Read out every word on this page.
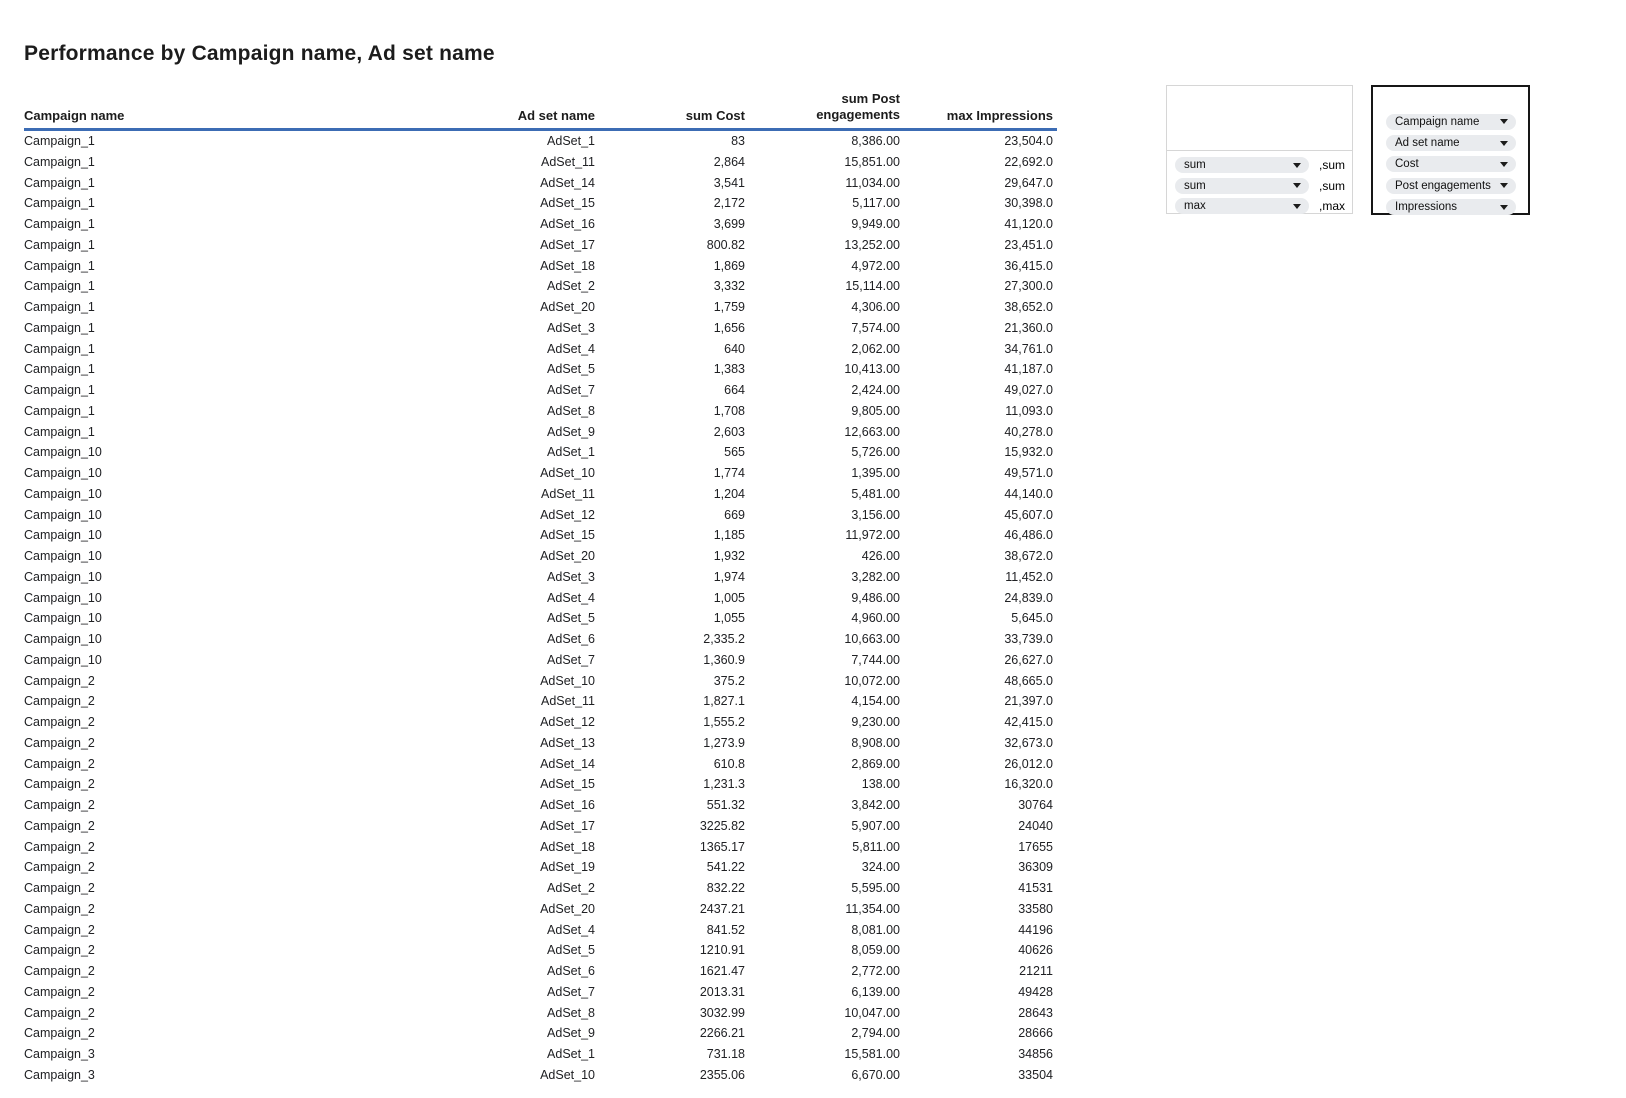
Performance by Campaign name, Ad set name
Campaign name	Ad set name	sum Cost	sum Post engagements	max Impressions
Campaign_1	AdSet_1	83	8,386.00	23,504.0
Campaign_1	AdSet_11	2,864	15,851.00	22,692.0
Campaign_1	AdSet_14	3,541	11,034.00	29,647.0
Campaign_1	AdSet_15	2,172	5,117.00	30,398.0
Campaign_1	AdSet_16	3,699	9,949.00	41,120.0
Campaign_1	AdSet_17	800.82	13,252.00	23,451.0
Campaign_1	AdSet_18	1,869	4,972.00	36,415.0
Campaign_1	AdSet_2	3,332	15,114.00	27,300.0
Campaign_1	AdSet_20	1,759	4,306.00	38,652.0
Campaign_1	AdSet_3	1,656	7,574.00	21,360.0
Campaign_1	AdSet_4	640	2,062.00	34,761.0
Campaign_1	AdSet_5	1,383	10,413.00	41,187.0
Campaign_1	AdSet_7	664	2,424.00	49,027.0
Campaign_1	AdSet_8	1,708	9,805.00	11,093.0
Campaign_1	AdSet_9	2,603	12,663.00	40,278.0
Campaign_10	AdSet_1	565	5,726.00	15,932.0
Campaign_10	AdSet_10	1,774	1,395.00	49,571.0
Campaign_10	AdSet_11	1,204	5,481.00	44,140.0
Campaign_10	AdSet_12	669	3,156.00	45,607.0
Campaign_10	AdSet_15	1,185	11,972.00	46,486.0
Campaign_10	AdSet_20	1,932	426.00	38,672.0
Campaign_10	AdSet_3	1,974	3,282.00	11,452.0
Campaign_10	AdSet_4	1,005	9,486.00	24,839.0
Campaign_10	AdSet_5	1,055	4,960.00	5,645.0
Campaign_10	AdSet_6	2,335.2	10,663.00	33,739.0
Campaign_10	AdSet_7	1,360.9	7,744.00	26,627.0
Campaign_2	AdSet_10	375.2	10,072.00	48,665.0
Campaign_2	AdSet_11	1,827.1	4,154.00	21,397.0
Campaign_2	AdSet_12	1,555.2	9,230.00	42,415.0
Campaign_2	AdSet_13	1,273.9	8,908.00	32,673.0
Campaign_2	AdSet_14	610.8	2,869.00	26,012.0
Campaign_2	AdSet_15	1,231.3	138.00	16,320.0
Campaign_2	AdSet_16	551.32	3,842.00	30764
Campaign_2	AdSet_17	3225.82	5,907.00	24040
Campaign_2	AdSet_18	1365.17	5,811.00	17655
Campaign_2	AdSet_19	541.22	324.00	36309
Campaign_2	AdSet_2	832.22	5,595.00	41531
Campaign_2	AdSet_20	2437.21	11,354.00	33580
Campaign_2	AdSet_4	841.52	8,081.00	44196
Campaign_2	AdSet_5	1210.91	8,059.00	40626
Campaign_2	AdSet_6	1621.47	2,772.00	21211
Campaign_2	AdSet_7	2013.31	6,139.00	49428
Campaign_2	AdSet_8	3032.99	10,047.00	28643
Campaign_2	AdSet_9	2266.21	2,794.00	28666
Campaign_3	AdSet_1	731.18	15,581.00	34856
Campaign_3	AdSet_10	2355.06	6,670.00	33504
sum	,sum
sum	,sum
max	,max
Campaign name
Ad set name
Cost
Post engagements
Impressions
